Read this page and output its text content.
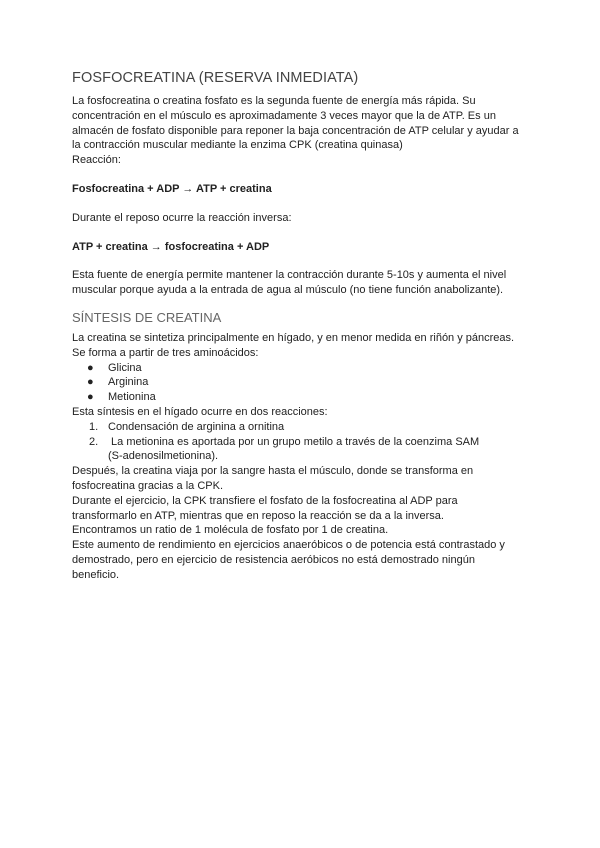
FOSFOCREATINA (RESERVA INMEDIATA)

La fosfocreatina o creatina fosfato es la segunda fuente de energía más rápida. Su

concentración en el músculo es aproximadamente 3 veces mayor que la de ATP. Es un

almacén de fosfato disponible para reponer la baja concentración de ATP celular y ayudar a

la contracción muscular mediante la enzima CPK (creatina quinasa)

Reacción:

Fosfocreatina + ADP → ATP + creatina

Durante el reposo ocurre la reacción inversa:

ATP + creatina → fosfocreatina + ADP

Esta fuente de energía permite mantener la contracción durante 5-10s y aumenta el nivel

muscular porque ayuda a la entrada de agua al músculo (no tiene función anabolizante).

SÍNTESIS DE CREATINA

La creatina se sintetiza principalmente en hígado, y en menor medida en riñón y páncreas.

Se forma a partir de tres aminoácidos:

● Glicina
● Arginina
● Metionina

Esta síntesis en el hígado ocurre en dos reacciones:

1. Condensación de arginina a ornitina
2. La metionina es aportada por un grupo metilo a través de la coenzima SAM
(S-adenosilmetionina).

Después, la creatina viaja por la sangre hasta el músculo, donde se transforma en

fosfocreatina gracias a la CPK.

Durante el ejercicio, la CPK transfiere el fosfato de la fosfocreatina al ADP para

transformarlo en ATP, mientras que en reposo la reacción se da a la inversa.

Encontramos un ratio de 1 molécula de fosfato por 1 de creatina.

Este aumento de rendimiento en ejercicios anaeróbicos o de potencia está contrastado y

demostrado, pero en ejercicio de resistencia aeróbicos no está demostrado ningún

beneficio.
